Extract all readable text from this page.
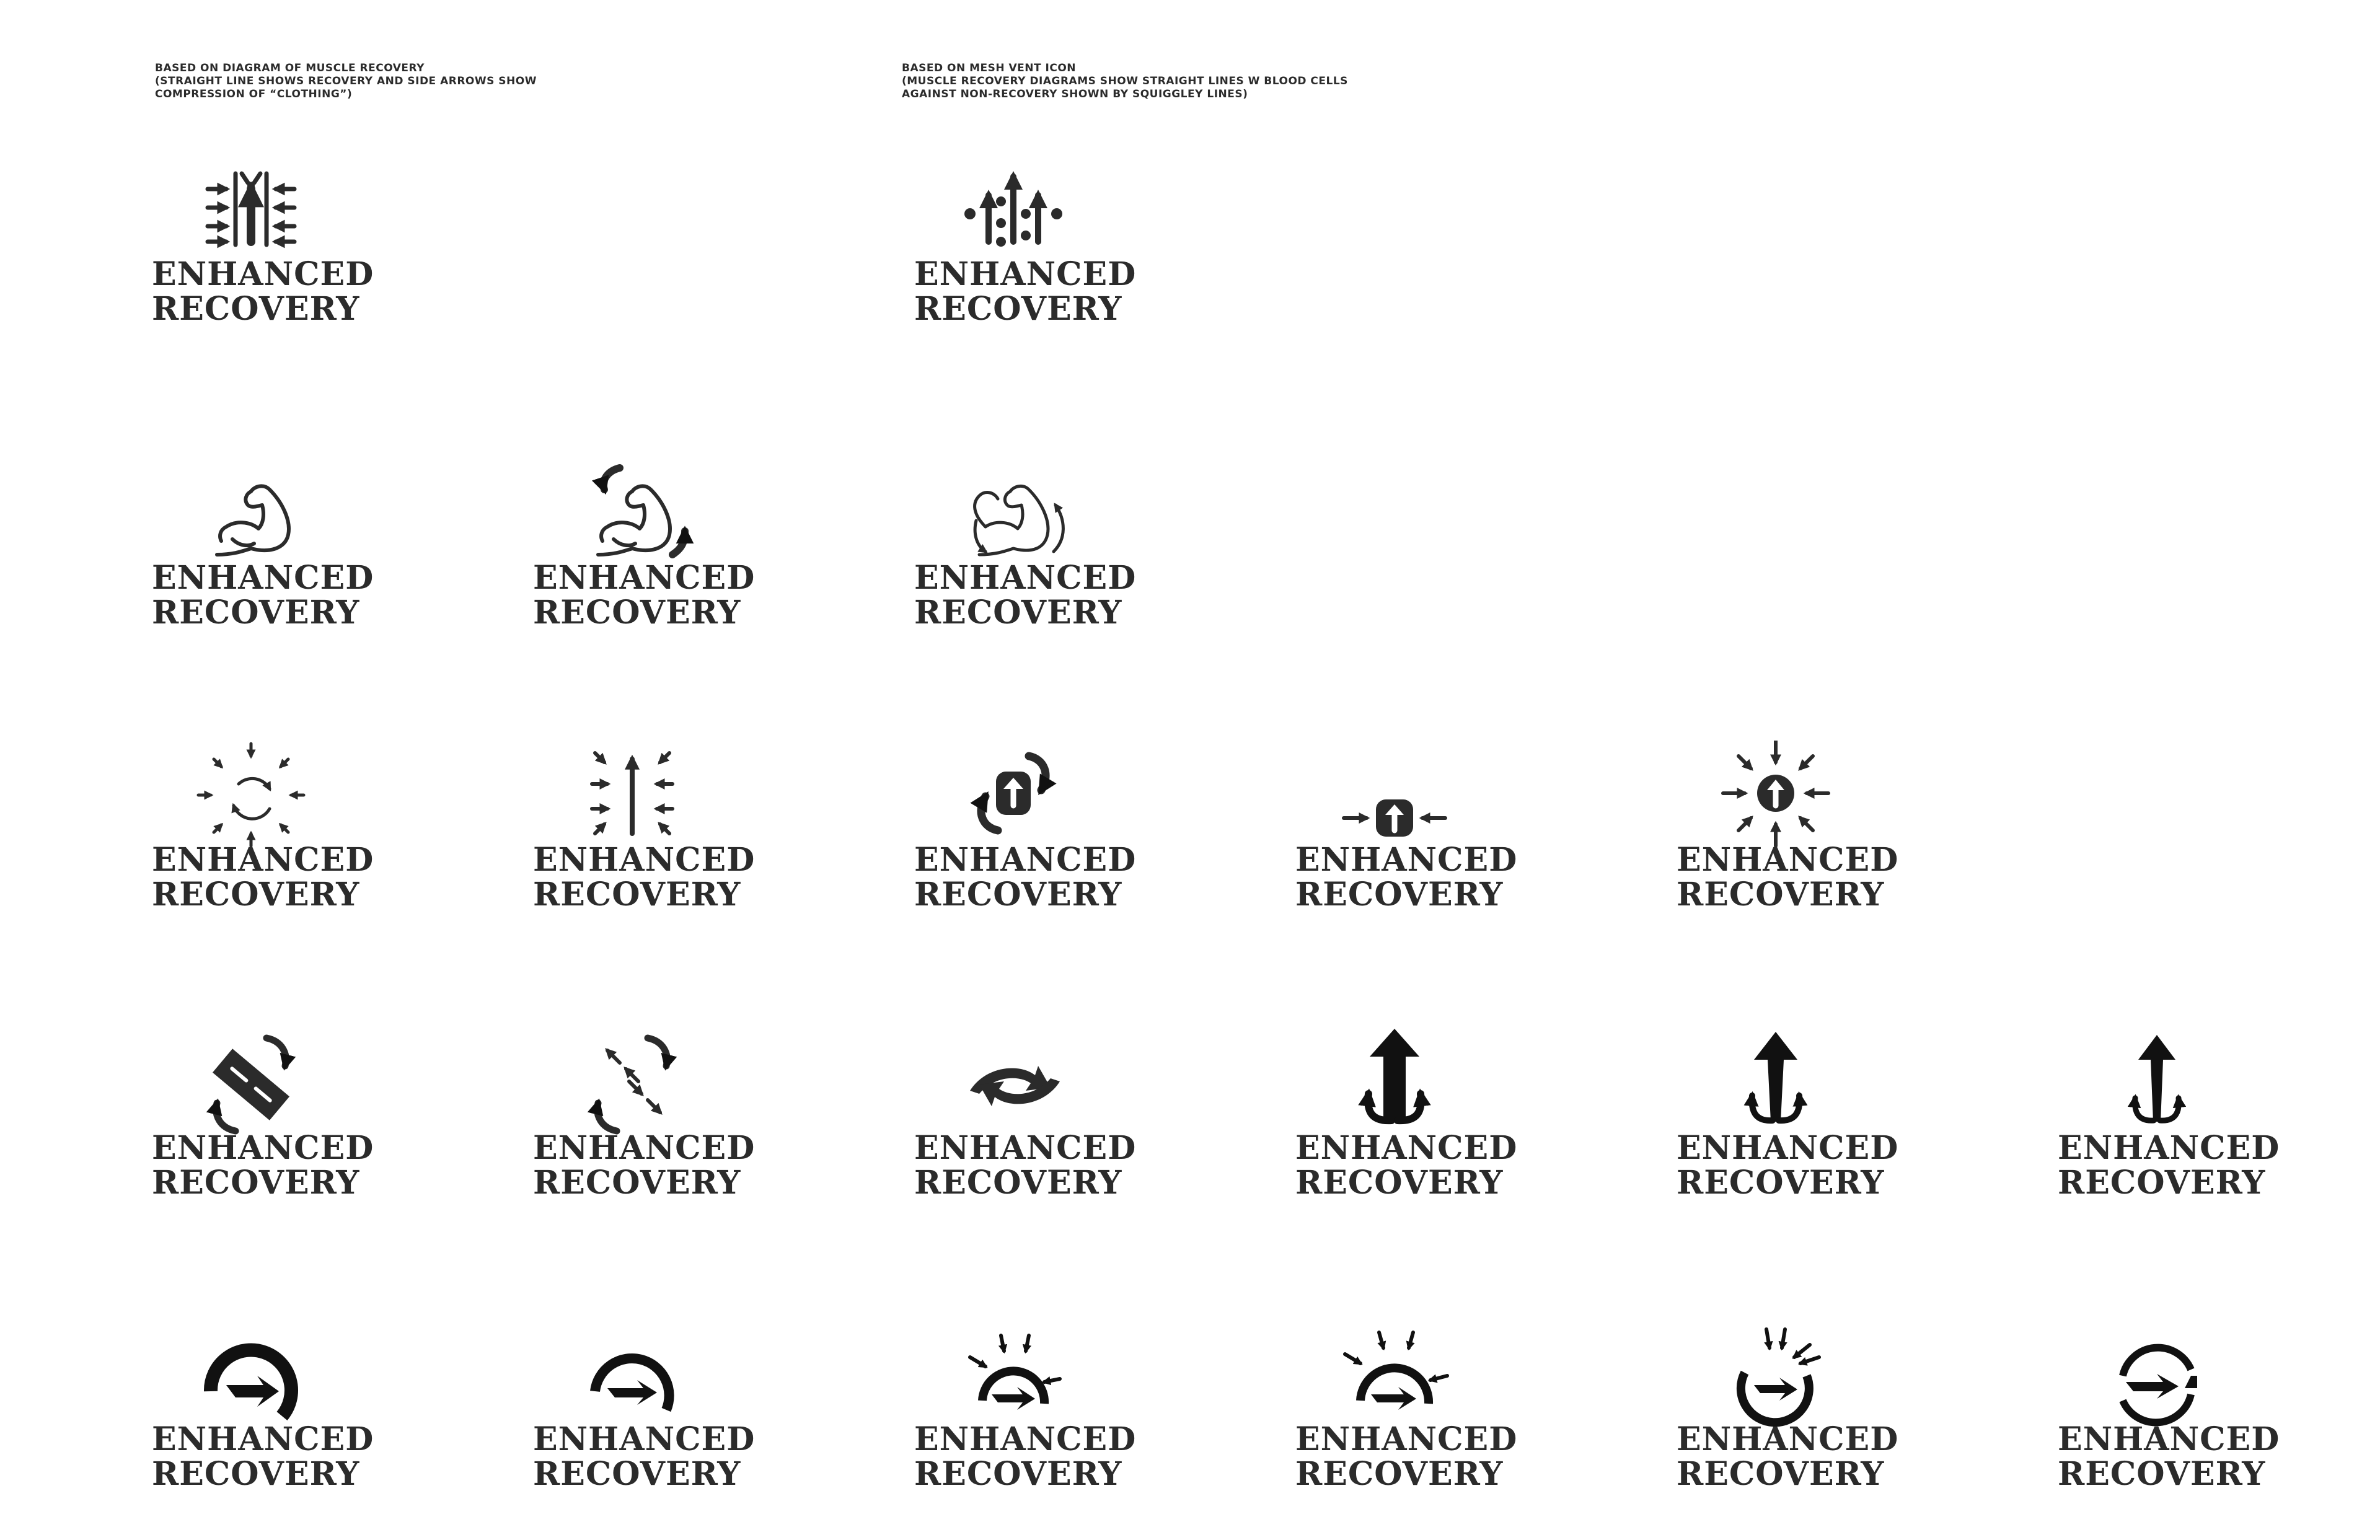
BASED ON DIAGRAM OF MUSCLE RECOVERY
(STRAIGHT LINE SHOWS RECOVERY AND SIDE ARROWS SHOW
COMPRESSION OF “CLOTHING”)
BASED ON MESH VENT ICON
(MUSCLE RECOVERY DIAGRAMS SHOW STRAIGHT LINES W BLOOD CELLS
AGAINST NON-RECOVERY SHOWN BY SQUIGGLEY LINES)
ENHANCED
RECOVERY
ENHANCED
RECOVERY
ENHANCED
RECOVERY
ENHANCED
RECOVERY
ENHANCED
RECOVERY
ENHANCED
RECOVERY
ENHANCED
RECOVERY
ENHANCED
RECOVERY
ENHANCED
RECOVERY
ENHANCED
RECOVERY
ENHANCED
RECOVERY
ENHANCED
RECOVERY
ENHANCED
RECOVERY
ENHANCED
RECOVERY
ENHANCED
RECOVERY
ENHANCED
RECOVERY
ENHANCED
RECOVERY
ENHANCED
RECOVERY
ENHANCED
RECOVERY
ENHANCED
RECOVERY
ENHANCED
RECOVERY
ENHANCED
RECOVERY
